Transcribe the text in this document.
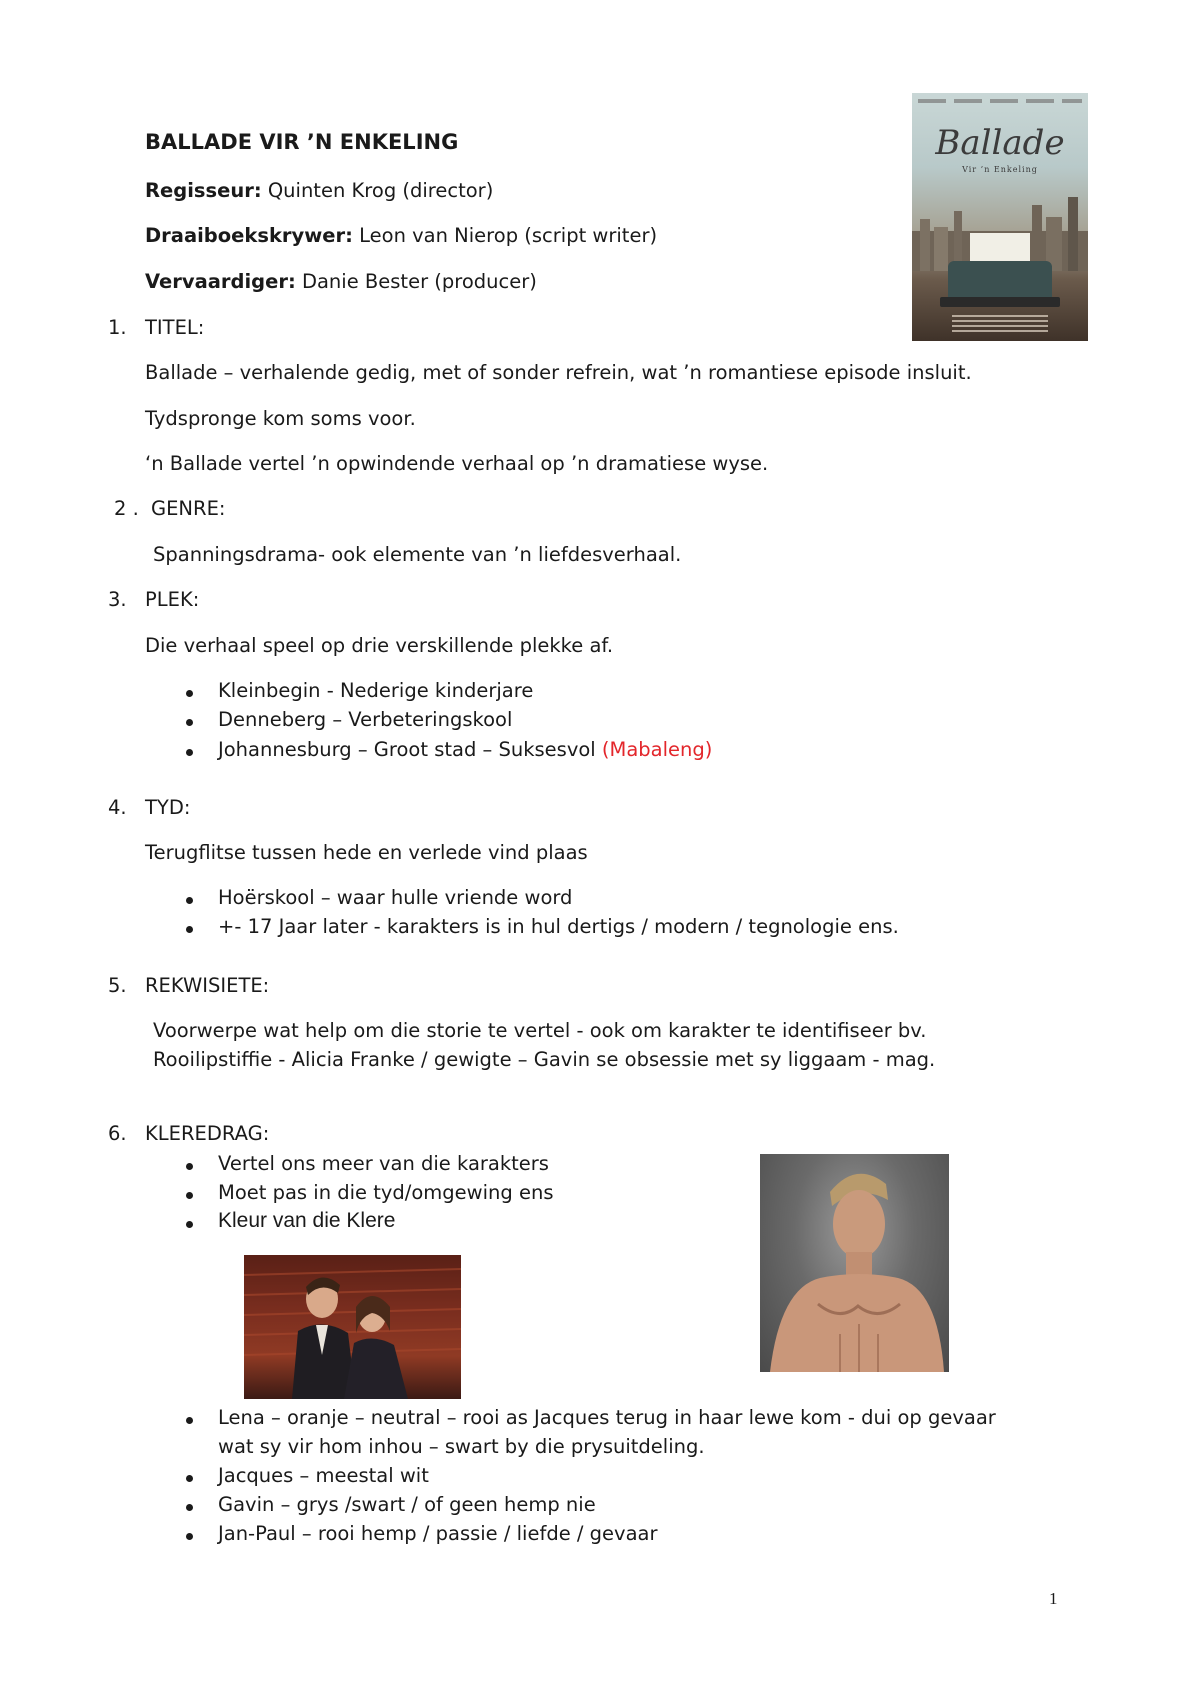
BALLADE VIR ’N ENKELING
Regisseur: Quinten Krog (director)
Draaiboekskrywer: Leon van Nierop (script writer)
Vervaardiger: Danie Bester (producer)
Ballade
Vir ’n Enkeling
1. TITEL:
Ballade – verhalende gedig, met of sonder refrein, wat ’n romantiese episode insluit.
Tydspronge kom soms voor.
‘n Ballade vertel ’n opwindende verhaal op ’n dramatiese wyse.
2 . GENRE:
Spanningsdrama- ook elemente van ’n liefdesverhaal.
3. PLEK:
Die verhaal speel op drie verskillende plekke af.
Kleinbegin - Nederige kinderjare
Denneberg – Verbeteringskool
Johannesburg – Groot stad – Suksesvol (Mabaleng)
4. TYD:
Terugflitse tussen hede en verlede vind plaas
Hoërskool – waar hulle vriende word
+- 17 Jaar later - karakters is in hul dertigs / modern / tegnologie ens.
5. REKWISIETE:
Voorwerpe wat help om die storie te vertel - ook om karakter te identifiseer bv.
Rooilipstiffie - Alicia Franke / gewigte – Gavin se obsessie met sy liggaam - mag.
6. KLEREDRAG:
Vertel ons meer van die karakters
Moet pas in die tyd/omgewing ens
Kleur van die Klere
Lena – oranje – neutral – rooi as Jacques terug in haar lewe kom - dui op gevaar
wat sy vir hom inhou – swart by die prysuitdeling.
Jacques – meestal wit
Gavin – grys /swart / of geen hemp nie
Jan-Paul – rooi hemp / passie / liefde / gevaar
1
